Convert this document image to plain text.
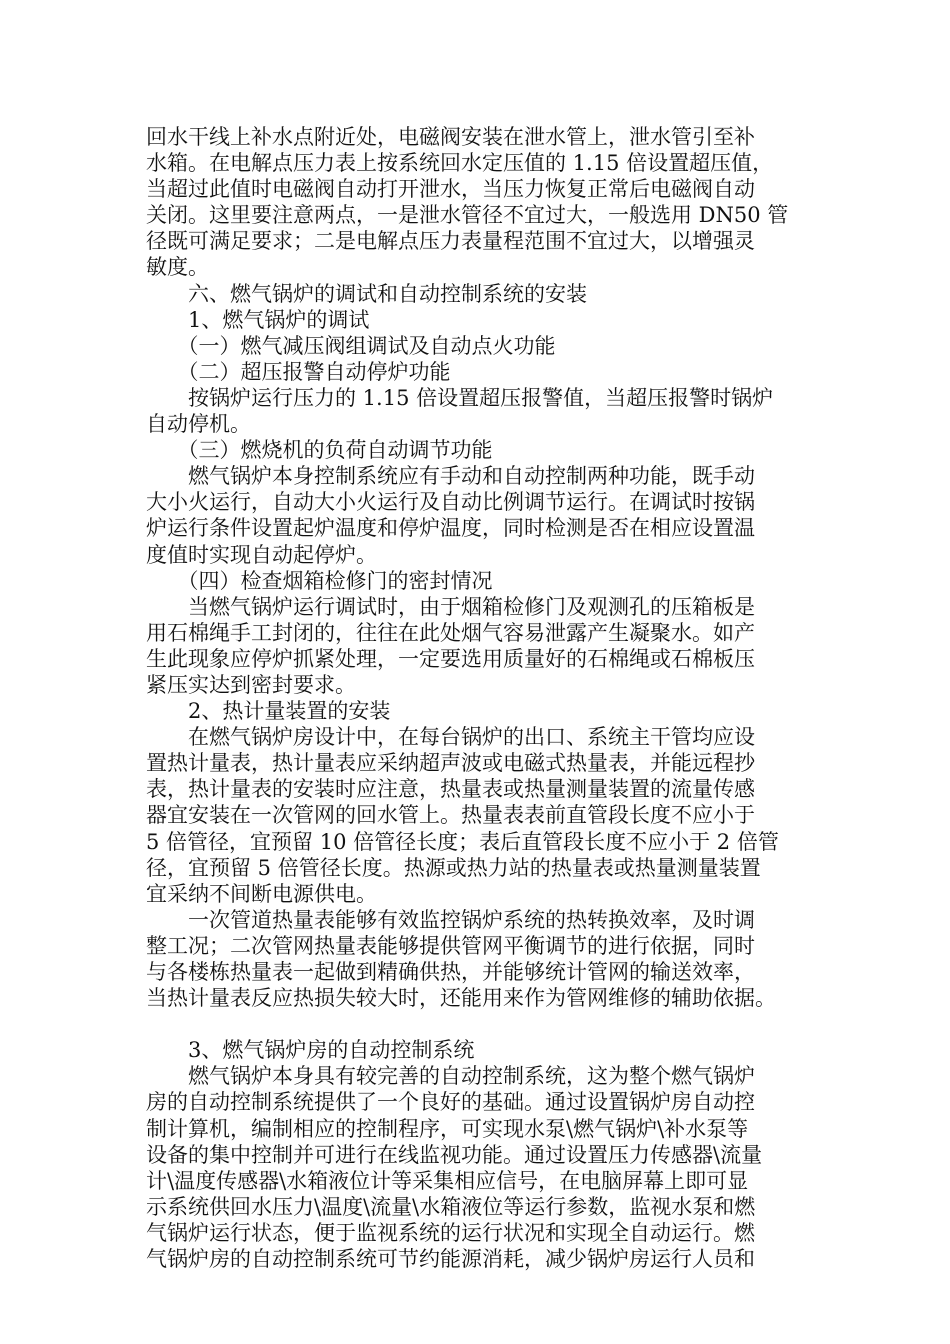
回水干线上补水点附近处，电磁阀安装在泄水管上，泄水管引至补
水箱。在电解点压力表上按系统回水定压值的 1.15 倍设置超压值，
当超过此值时电磁阀自动打开泄水，当压力恢复正常后电磁阀自动
关闭。这里要注意两点，一是泄水管径不宜过大，一般选用 DN50 管
径既可满足要求；二是电解点压力表量程范围不宜过大，以增强灵
敏度。
　　六、燃气锅炉的调试和自动控制系统的安装
　　1、燃气锅炉的调试
　　（一）燃气减压阀组调试及自动点火功能
　　（二）超压报警自动停炉功能
　　按锅炉运行压力的 1.15 倍设置超压报警值，当超压报警时锅炉
自动停机。
　　（三）燃烧机的负荷自动调节功能
　　燃气锅炉本身控制系统应有手动和自动控制两种功能，既手动
大小火运行，自动大小火运行及自动比例调节运行。在调试时按锅
炉运行条件设置起炉温度和停炉温度，同时检测是否在相应设置温
度值时实现自动起停炉。
　　（四）检查烟箱检修门的密封情况
　　当燃气锅炉运行调试时，由于烟箱检修门及观测孔的压箱板是
用石棉绳手工封闭的，往往在此处烟气容易泄露产生凝聚水。如产
生此现象应停炉抓紧处理，一定要选用质量好的石棉绳或石棉板压
紧压实达到密封要求。
　　2、热计量装置的安装
　　在燃气锅炉房设计中，在每台锅炉的出口、系统主干管均应设
置热计量表，热计量表应采纳超声波或电磁式热量表，并能远程抄
表，热计量表的安装时应注意，热量表或热量测量装置的流量传感
器宜安装在一次管网的回水管上。热量表表前直管段长度不应小于
5 倍管径，宜预留 10 倍管径长度；表后直管段长度不应小于 2 倍管
径，宜预留 5 倍管径长度。热源或热力站的热量表或热量测量装置
宜采纳不间断电源供电。
　　一次管道热量表能够有效监控锅炉系统的热转换效率，及时调
整工况；二次管网热量表能够提供管网平衡调节的进行依据，同时
与各楼栋热量表一起做到精确供热，并能够统计管网的输送效率，
当热计量表反应热损失较大时，还能用来作为管网维修的辅助依据。
　　3、燃气锅炉房的自动控制系统
　　燃气锅炉本身具有较完善的自动控制系统，这为整个燃气锅炉
房的自动控制系统提供了一个良好的基础。通过设置锅炉房自动控
制计算机，编制相应的控制程序，可实现水泵\燃气锅炉\补水泵等
设备的集中控制并可进行在线监视功能。通过设置压力传感器\流量
计\温度传感器\水箱液位计等采集相应信号，在电脑屏幕上即可显
示系统供回水压力\温度\流量\水箱液位等运行参数，监视水泵和燃
气锅炉运行状态，便于监视系统的运行状况和实现全自动运行。燃
气锅炉房的自动控制系统可节约能源消耗，减少锅炉房运行人员和
